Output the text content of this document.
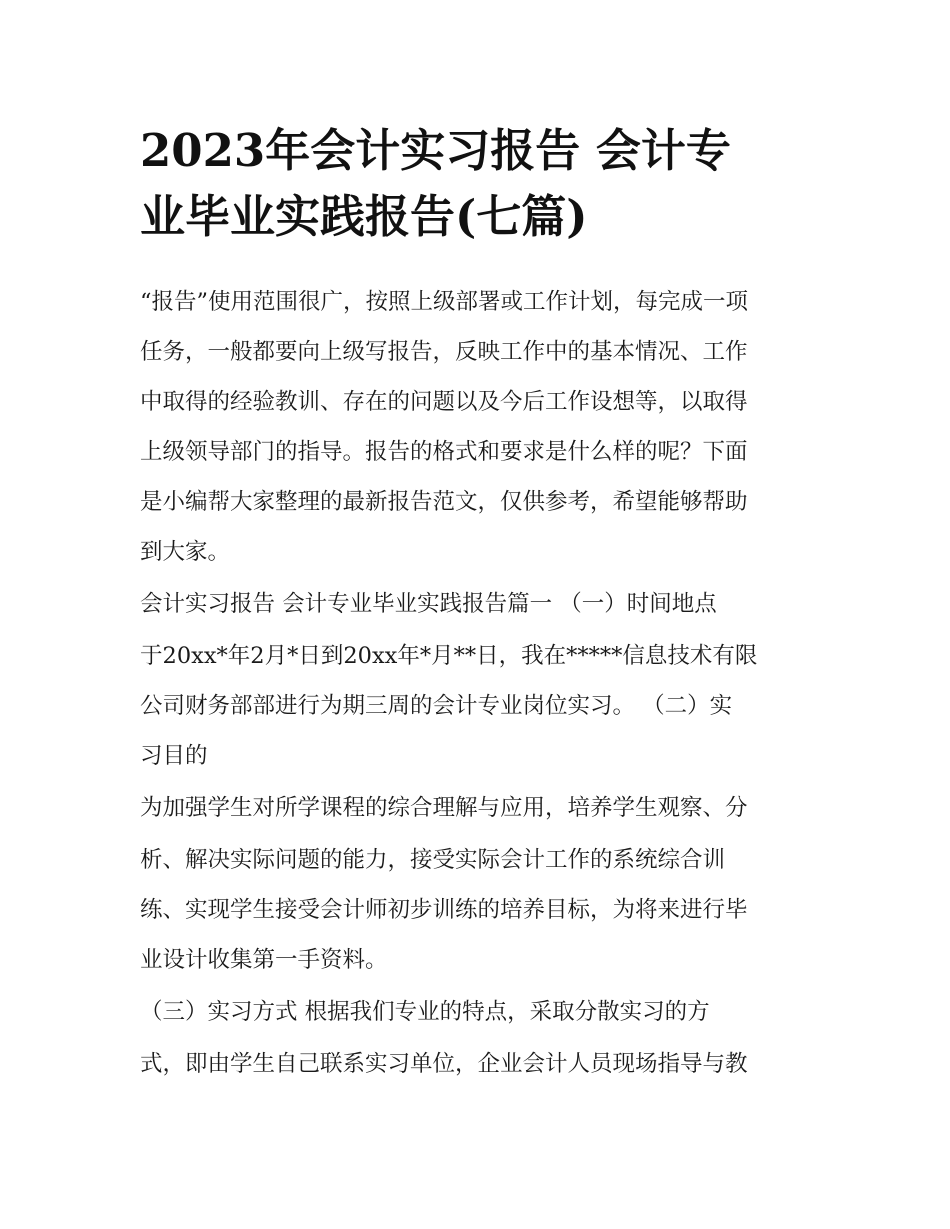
2023年会计实习报告 会计专
业毕业实践报告(七篇)

“报告”使用范围很广，按照上级部署或工作计划，每完成一项

任务，一般都要向上级写报告，反映工作中的基本情况、工作

中取得的经验教训、存在的问题以及今后工作设想等，以取得

上级领导部门的指导。报告的格式和要求是什么样的呢？下面

是小编帮大家整理的最新报告范文，仅供参考，希望能够帮助

到大家。

会计实习报告 会计专业毕业实践报告篇一 （一）时间地点

于20xx*年2月*日到20xx年*月**日，我在*****信息技术有限

公司财务部部进行为期三周的会计专业岗位实习。 （二）实

习目的

为加强学生对所学课程的综合理解与应用，培养学生观察、分

析、解决实际问题的能力，接受实际会计工作的系统综合训

练、实现学生接受会计师初步训练的培养目标，为将来进行毕

业设计收集第一手资料。

（三）实习方式 根据我们专业的特点，采取分散实习的方

式，即由学生自己联系实习单位，企业会计人员现场指导与教
